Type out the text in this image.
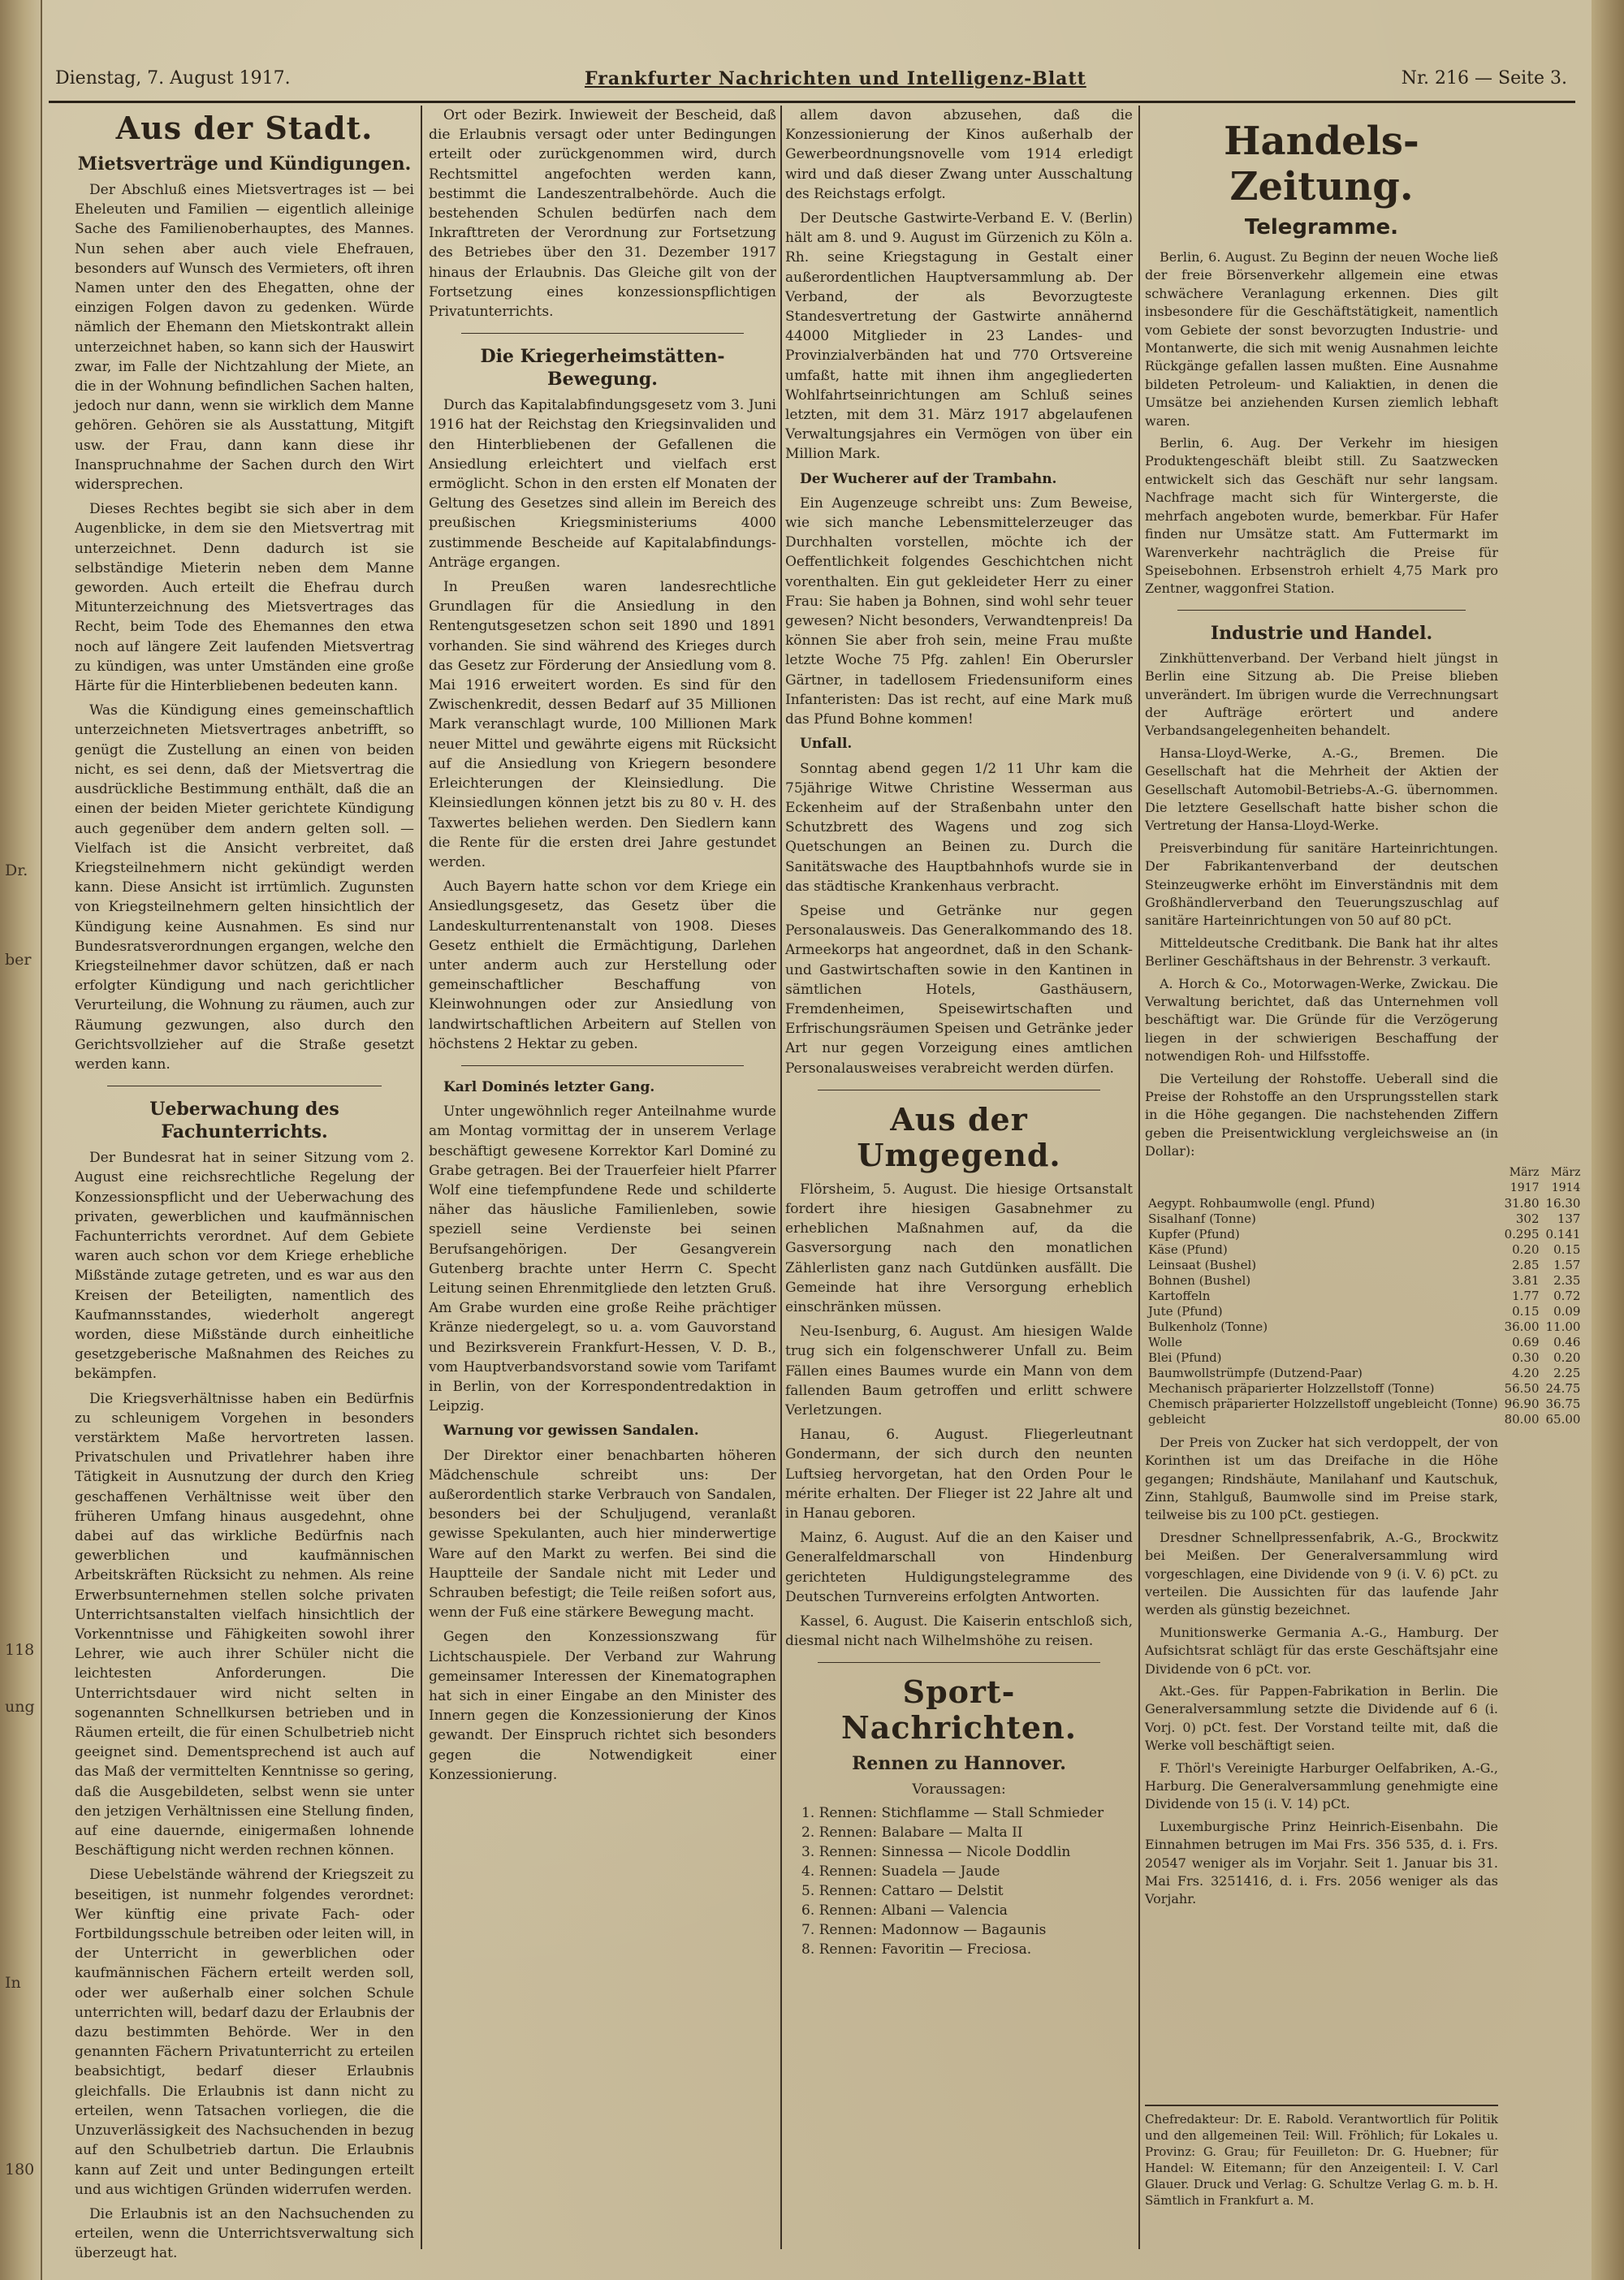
Dr.
ber
118
ung
In
180
Dienstag, 7. August 1917.	Frankfurter Nachrichten und Intelligenz-Blatt	Nr. 216 — Seite 3.
Aus der Stadt.
Mietsverträge und Kündigungen.

Der Abschluß eines Mietsvertrages ist — bei Eheleuten und Familien — eigentlich alleinige Sache des Familienoberhauptes, des Mannes. Nun sehen aber auch viele Ehefrauen, besonders auf Wunsch des Vermieters, oft ihren Namen unter den des Ehegatten, ohne der einzigen Folgen davon zu gedenken. Würde nämlich der Ehemann den Mietskontrakt allein unterzeichnet haben, so kann sich der Hauswirt zwar, im Falle der Nichtzahlung der Miete, an die in der Wohnung befindlichen Sachen halten, jedoch nur dann, wenn sie wirklich dem Manne gehören. Gehören sie als Ausstattung, Mitgift usw. der Frau, dann kann diese ihr Inanspruchnahme der Sachen durch den Wirt widersprechen.

Dieses Rechtes begibt sie sich aber in dem Augenblicke, in dem sie den Mietsvertrag mit unterzeichnet. Denn dadurch ist sie selbständige Mieterin neben dem Manne geworden. Auch erteilt die Ehefrau durch Mitunterzeichnung des Mietsvertrages das Recht, beim Tode des Ehemannes den etwa noch auf längere Zeit laufenden Mietsvertrag zu kündigen, was unter Umständen eine große Härte für die Hinterbliebenen bedeuten kann.

Was die Kündigung eines gemeinschaftlich unterzeichneten Mietsvertrages anbetrifft, so genügt die Zustellung an einen von beiden nicht, es sei denn, daß der Mietsvertrag die ausdrückliche Bestimmung enthält, daß die an einen der beiden Mieter gerichtete Kündigung auch gegenüber dem andern gelten soll. — Vielfach ist die Ansicht verbreitet, daß Kriegsteilnehmern nicht gekündigt werden kann. Diese Ansicht ist irrtümlich. Zugunsten von Kriegsteilnehmern gelten hinsichtlich der Kündigung keine Ausnahmen. Es sind nur Bundesratsverordnungen ergangen, welche den Kriegsteilnehmer davor schützen, daß er nach erfolgter Kündigung und nach gerichtlicher Verurteilung, die Wohnung zu räumen, auch zur Räumung gezwungen, also durch den Gerichtsvollzieher auf die Straße gesetzt werden kann.

Ueberwachung des Fachunterrichts.

Der Bundesrat hat in seiner Sitzung vom 2. August eine reichsrechtliche Regelung der Konzessionspflicht und der Ueberwachung des privaten, gewerblichen und kaufmännischen Fachunterrichts verordnet. Auf dem Gebiete waren auch schon vor dem Kriege erhebliche Mißstände zutage getreten, und es war aus den Kreisen der Beteiligten, namentlich des Kaufmannsstandes, wiederholt angeregt worden, diese Mißstände durch einheitliche gesetzgeberische Maßnahmen des Reiches zu bekämpfen.

Die Kriegsverhältnisse haben ein Bedürfnis zu schleunigem Vorgehen in besonders verstärktem Maße hervortreten lassen. Privatschulen und Privatlehrer haben ihre Tätigkeit in Ausnutzung der durch den Krieg geschaffenen Verhältnisse weit über den früheren Umfang hinaus ausgedehnt, ohne dabei auf das wirkliche Bedürfnis nach gewerblichen und kaufmännischen Arbeitskräften Rücksicht zu nehmen. Als reine Erwerbsunternehmen stellen solche privaten Unterrichtsanstalten vielfach hinsichtlich der Vorkenntnisse und Fähigkeiten sowohl ihrer Lehrer, wie auch ihrer Schüler nicht die leichtesten Anforderungen. Die Unterrichtsdauer wird nicht selten in sogenannten Schnellkursen betrieben und in Räumen erteilt, die für einen Schulbetrieb nicht geeignet sind. Dementsprechend ist auch auf das Maß der vermittelten Kenntnisse so gering, daß die Ausgebildeten, selbst wenn sie unter den jetzigen Verhältnissen eine Stellung finden, auf eine dauernde, einigermaßen lohnende Beschäftigung nicht werden rechnen können.

Diese Uebelstände während der Kriegszeit zu beseitigen, ist nunmehr folgendes verordnet: Wer künftig eine private Fach- oder Fortbildungsschule betreiben oder leiten will, in der Unterricht in gewerblichen oder kaufmännischen Fächern erteilt werden soll, oder wer außerhalb einer solchen Schule unterrichten will, bedarf dazu der Erlaubnis der dazu bestimmten Behörde. Wer in den genannten Fächern Privatunterricht zu erteilen beabsichtigt, bedarf dieser Erlaubnis gleichfalls. Die Erlaubnis ist dann nicht zu erteilen, wenn Tatsachen vorliegen, die die Unzuverlässigkeit des Nachsuchenden in bezug auf den Schulbetrieb dartun. Die Erlaubnis kann auf Zeit und unter Bedingungen erteilt und aus wichtigen Gründen widerrufen werden.

Die Erlaubnis ist an den Nachsuchenden zu erteilen, wenn die Unterrichtsverwaltung sich überzeugt hat.

Ort oder Bezirk. Inwieweit der Bescheid, daß die Erlaubnis versagt oder unter Bedingungen erteilt oder zurückgenommen wird, durch Rechtsmittel angefochten werden kann, bestimmt die Landeszentralbehörde. Auch die bestehenden Schulen bedürfen nach dem Inkrafttreten der Verordnung zur Fortsetzung des Betriebes über den 31. Dezember 1917 hinaus der Erlaubnis. Das Gleiche gilt von der Fortsetzung eines konzessionspflichtigen Privatunterrichts.

Die Kriegerheimstätten-Bewegung.

Durch das Kapitalabfindungsgesetz vom 3. Juni 1916 hat der Reichstag den Kriegsinvaliden und den Hinterbliebenen der Gefallenen die Ansiedlung erleichtert und vielfach erst ermöglicht. Schon in den ersten elf Monaten der Geltung des Gesetzes sind allein im Bereich des preußischen Kriegsministeriums 4000 zustimmende Bescheide auf Kapitalabfindungs-Anträge ergangen.

In Preußen waren landesrechtliche Grundlagen für die Ansiedlung in den Rentengutsgesetzen schon seit 1890 und 1891 vorhanden. Sie sind während des Krieges durch das Gesetz zur Förderung der Ansiedlung vom 8. Mai 1916 erweitert worden. Es sind für den Zwischenkredit, dessen Bedarf auf 35 Millionen Mark veranschlagt wurde, 100 Millionen Mark neuer Mittel und gewährte eigens mit Rücksicht auf die Ansiedlung von Kriegern besondere Erleichterungen der Kleinsiedlung. Die Kleinsiedlungen können jetzt bis zu 80 v. H. des Taxwertes beliehen werden. Den Siedlern kann die Rente für die ersten drei Jahre gestundet werden.

Auch Bayern hatte schon vor dem Kriege ein Ansiedlungsgesetz, das Gesetz über die Landeskulturrentenanstalt von 1908. Dieses Gesetz enthielt die Ermächtigung, Darlehen unter anderm auch zur Herstellung oder gemeinschaftlicher Beschaffung von Kleinwohnungen oder zur Ansiedlung von landwirtschaftlichen Arbeitern auf Stellen von höchstens 2 Hektar zu geben.

Karl Dominés letzter Gang.

Unter ungewöhnlich reger Anteilnahme wurde am Montag vormittag der in unserem Verlage beschäftigt gewesene Korrektor Karl Dominé zu Grabe getragen. Bei der Trauerfeier hielt Pfarrer Wolf eine tiefempfundene Rede und schilderte näher das häusliche Familienleben, sowie speziell seine Verdienste bei seinen Berufsangehörigen. Der Gesangverein Gutenberg brachte unter Herrn C. Specht Leitung seinen Ehrenmitgliede den letzten Gruß. Am Grabe wurden eine große Reihe prächtiger Kränze niedergelegt, so u. a. vom Gauvorstand und Bezirksverein Frankfurt-Hessen, V. D. B., vom Hauptverbandsvorstand sowie vom Tarifamt in Berlin, von der Korrespondentredaktion in Leipzig.

Warnung vor gewissen Sandalen.

Der Direktor einer benachbarten höheren Mädchenschule schreibt uns: Der außerordentlich starke Verbrauch von Sandalen, besonders bei der Schuljugend, veranlaßt gewisse Spekulanten, auch hier minderwertige Ware auf den Markt zu werfen. Bei sind die Hauptteile der Sandale nicht mit Leder und Schrauben befestigt; die Teile reißen sofort aus, wenn der Fuß eine stärkere Bewegung macht.

Gegen den Konzessionszwang für Lichtschauspiele. Der Verband zur Wahrung gemeinsamer Interessen der Kinematographen hat sich in einer Eingabe an den Minister des Innern gegen die Konzessionierung der Kinos gewandt. Der Einspruch richtet sich besonders gegen die Notwendigkeit einer Konzessionierung.

allem davon abzusehen, daß die Konzessionierung der Kinos außerhalb der Gewerbeordnungsnovelle vom 1914 erledigt wird und daß dieser Zwang unter Ausschaltung des Reichstags erfolgt.

Der Deutsche Gastwirte-Verband E. V. (Berlin) hält am 8. und 9. August im Gürzenich zu Köln a. Rh. seine Kriegstagung in Gestalt einer außerordentlichen Hauptversammlung ab. Der Verband, der als Bevorzugteste Standesvertretung der Gastwirte annähernd 44000 Mitglieder in 23 Landes- und Provinzialverbänden hat und 770 Ortsvereine umfaßt, hatte mit ihnen ihm angegliederten Wohlfahrtseinrichtungen am Schluß seines letzten, mit dem 31. März 1917 abgelaufenen Verwaltungsjahres ein Vermögen von über ein Million Mark.

Der Wucherer auf der Trambahn.

Ein Augenzeuge schreibt uns: Zum Beweise, wie sich manche Lebensmittelerzeuger das Durchhalten vorstellen, möchte ich der Oeffentlichkeit folgendes Geschichtchen nicht vorenthalten. Ein gut gekleideter Herr zu einer Frau: Sie haben ja Bohnen, sind wohl sehr teuer gewesen? Nicht besonders, Verwandtenpreis! Da können Sie aber froh sein, meine Frau mußte letzte Woche 75 Pfg. zahlen! Ein Oberursler Gärtner, in tadellosem Friedensuniform eines Infanteristen: Das ist recht, auf eine Mark muß das Pfund Bohne kommen!

Unfall.

Sonntag abend gegen 1/2 11 Uhr kam die 75jährige Witwe Christine Wesserman aus Eckenheim auf der Straßenbahn unter den Schutzbrett des Wagens und zog sich Quetschungen an Beinen zu. Durch die Sanitätswache des Hauptbahnhofs wurde sie in das städtische Krankenhaus verbracht.

Speise und Getränke nur gegen Personalausweis. Das Generalkommando des 18. Armeekorps hat angeordnet, daß in den Schank- und Gastwirtschaften sowie in den Kantinen in sämtlichen Hotels, Gasthäusern, Fremdenheimen, Speisewirtschaften und Erfrischungsräumen Speisen und Getränke jeder Art nur gegen Vorzeigung eines amtlichen Personalausweises verabreicht werden dürfen.

Aus der Umgegend.

Flörsheim, 5. August. Die hiesige Ortsanstalt fordert ihre hiesigen Gasabnehmer zu erheblichen Maßnahmen auf, da die Gasversorgung nach den monatlichen Zählerlisten ganz nach Gutdünken ausfällt. Die Gemeinde hat ihre Versorgung erheblich einschränken müssen.

Neu-Isenburg, 6. August. Am hiesigen Walde trug sich ein folgenschwerer Unfall zu. Beim Fällen eines Baumes wurde ein Mann von dem fallenden Baum getroffen und erlitt schwere Verletzungen.

Hanau, 6. August. Fliegerleutnant Gondermann, der sich durch den neunten Luftsieg hervorgetan, hat den Orden Pour le mérite erhalten. Der Flieger ist 22 Jahre alt und in Hanau geboren.

Mainz, 6. August. Auf die an den Kaiser und Generalfeldmarschall von Hindenburg gerichteten Huldigungstelegramme des Deutschen Turnvereins erfolgten Antworten.

Kassel, 6. August. Die Kaiserin entschloß sich, diesmal nicht nach Wilhelmshöhe zu reisen.

Sport-Nachrichten.
Rennen zu Hannover.
Voraussagen:
1. Rennen: Stichflamme — Stall Schmieder
2. Rennen: Balabare — Malta II
3. Rennen: Sinnessa — Nicole Doddlin
4. Rennen: Suadela — Jaude
5. Rennen: Cattaro — Delstit
6. Rennen: Albani — Valencia
7. Rennen: Madonnow — Bagaunis
8. Rennen: Favoritin — Freciosa.
Handels-Zeitung.
Telegramme.

Berlin, 6. August. Zu Beginn der neuen Woche ließ der freie Börsenverkehr allgemein eine etwas schwächere Veranlagung erkennen. Dies gilt insbesondere für die Geschäftstätigkeit, namentlich vom Gebiete der sonst bevorzugten Industrie- und Montanwerte, die sich mit wenig Ausnahmen leichte Rückgänge gefallen lassen mußten. Eine Ausnahme bildeten Petroleum- und Kaliaktien, in denen die Umsätze bei anziehenden Kursen ziemlich lebhaft waren.

Berlin, 6. Aug. Der Verkehr im hiesigen Produktengeschäft bleibt still. Zu Saatzwecken entwickelt sich das Geschäft nur sehr langsam. Nachfrage macht sich für Wintergerste, die mehrfach angeboten wurde, bemerkbar. Für Hafer finden nur Umsätze statt. Am Futtermarkt im Warenverkehr nachträglich die Preise für Speisebohnen. Erbsenstroh erhielt 4,75 Mark pro Zentner, waggonfrei Station.

Industrie und Handel.

Zinkhüttenverband. Der Verband hielt jüngst in Berlin eine Sitzung ab. Die Preise blieben unverändert. Im übrigen wurde die Verrechnungsart der Aufträge erörtert und andere Verbandsangelegenheiten behandelt.

Hansa-Lloyd-Werke, A.-G., Bremen. Die Gesellschaft hat die Mehrheit der Aktien der Gesellschaft Automobil-Betriebs-A.-G. übernommen. Die letztere Gesellschaft hatte bisher schon die Vertretung der Hansa-Lloyd-Werke.

Preisverbindung für sanitäre Harteinrichtungen. Der Fabrikantenverband der deutschen Steinzeugwerke erhöht im Einverständnis mit dem Großhändlerverband den Teuerungszuschlag auf sanitäre Harteinrichtungen von 50 auf 80 pCt.

Mitteldeutsche Creditbank. Die Bank hat ihr altes Berliner Geschäftshaus in der Behrenstr. 3 verkauft.

A. Horch & Co., Motorwagen-Werke, Zwickau. Die Verwaltung berichtet, daß das Unternehmen voll beschäftigt war. Die Gründe für die Verzögerung liegen in der schwierigen Beschaffung der notwendigen Roh- und Hilfsstoffe.

Die Verteilung der Rohstoffe. Ueberall sind die Preise der Rohstoffe an den Ursprungsstellen stark in die Höhe gegangen. Die nachstehenden Ziffern geben die Preisentwicklung vergleichsweise an (in Dollar):

	März 1917	März 1914
Aegypt. Rohbaumwolle (engl. Pfund)	31.80	16.30
Sisalhanf (Tonne)	302	137
Kupfer (Pfund)	0.295	0.141
Käse (Pfund)	0.20	0.15
Leinsaat (Bushel)	2.85	1.57
Bohnen (Bushel)	3.81	2.35
Kartoffeln	1.77	0.72
Jute (Pfund)	0.15	0.09
Bulkenholz (Tonne)	36.00	11.00
Wolle	0.69	0.46
Blei (Pfund)	0.30	0.20
Baumwollstrümpfe (Dutzend-Paar)	4.20	2.25
Mechanisch präparierter Holzzellstoff (Tonne)	56.50	24.75
Chemisch präparierter Holzzellstoff ungebleicht (Tonne)	96.90	36.75
gebleicht	80.00	65.00

Der Preis von Zucker hat sich verdoppelt, der von Korinthen ist um das Dreifache in die Höhe gegangen; Rindshäute, Manilahanf und Kautschuk, Zinn, Stahlguß, Baumwolle sind im Preise stark, teilweise bis zu 100 pCt. gestiegen.

Dresdner Schnellpressenfabrik, A.-G., Brockwitz bei Meißen. Der Generalversammlung wird vorgeschlagen, eine Dividende von 9 (i. V. 6) pCt. zu verteilen. Die Aussichten für das laufende Jahr werden als günstig bezeichnet.

Munitionswerke Germania A.-G., Hamburg. Der Aufsichtsrat schlägt für das erste Geschäftsjahr eine Dividende von 6 pCt. vor.

Akt.-Ges. für Pappen-Fabrikation in Berlin. Die Generalversammlung setzte die Dividende auf 6 (i. Vorj. 0) pCt. fest. Der Vorstand teilte mit, daß die Werke voll beschäftigt seien.

F. Thörl's Vereinigte Harburger Oelfabriken, A.-G., Harburg. Die Generalversammlung genehmigte eine Dividende von 15 (i. V. 14) pCt.

Luxemburgische Prinz Heinrich-Eisenbahn. Die Einnahmen betrugen im Mai Frs. 356 535, d. i. Frs. 20547 weniger als im Vorjahr. Seit 1. Januar bis 31. Mai Frs. 3251416, d. i. Frs. 2056 weniger als das Vorjahr.

Chefredakteur: Dr. E. Rabold. Verantwortlich für Politik und den allgemeinen Teil: Will. Fröhlich; für Lokales u. Provinz: G. Grau; für Feuilleton: Dr. G. Huebner; für Handel: W. Eitemann; für den Anzeigenteil: I. V. Carl Glauer. Druck und Verlag: G. Schultze Verlag G. m. b. H. Sämtlich in Frankfurt a. M.
